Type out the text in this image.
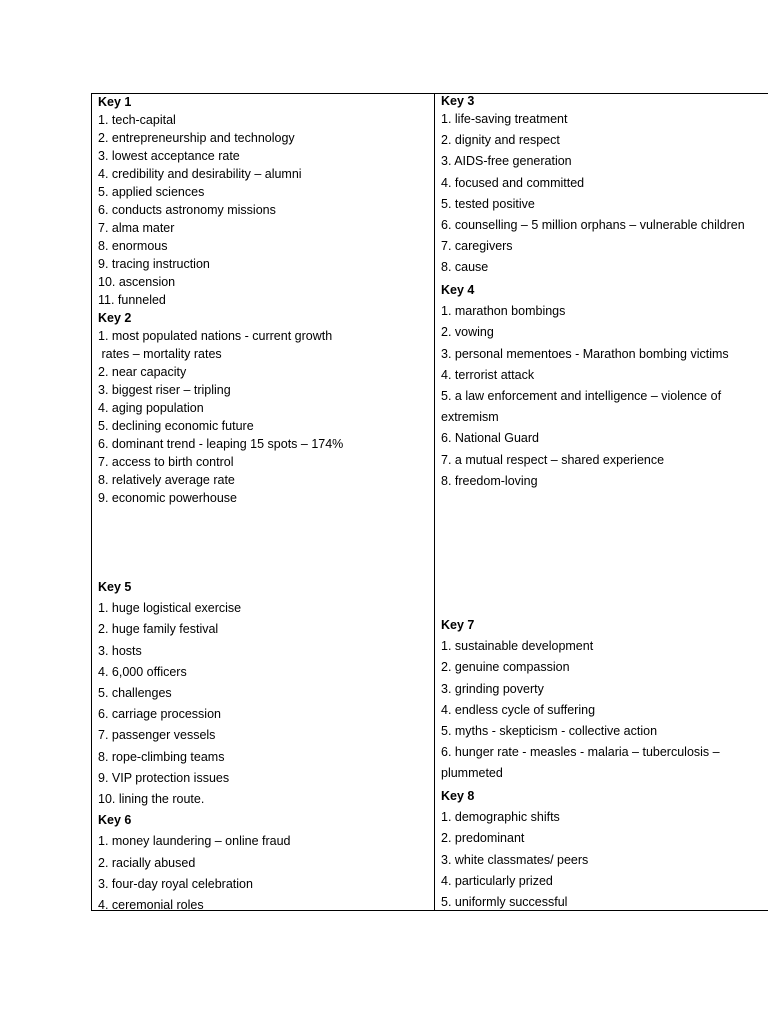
Key 1
1. tech-capital
2. entrepreneurship and technology
3. lowest acceptance rate
4. credibility and desirability – alumni
5. applied sciences
6. conducts astronomy missions
7. alma mater
8. enormous
9. tracing instruction
10. ascension
11. funneled
Key 2
1. most populated nations - current growth
rates – mortality rates
2. near capacity
3. biggest riser – tripling
4. aging population
5. declining economic future
6. dominant trend - leaping 15 spots – 174%
7. access to birth control
8. relatively average rate
9. economic powerhouse
Key 5
1. huge logistical exercise
2. huge family festival
3. hosts
4. 6,000 officers
5. challenges
6. carriage procession
7. passenger vessels
8. rope-climbing teams
9. VIP protection issues
10. lining the route.
Key 6
1. money laundering – online fraud
2. racially abused
3. four-day royal celebration
4. ceremonial roles
Key 3
1. life-saving treatment
2. dignity and respect
3. AIDS-free generation
4. focused and committed
5. tested positive
6. counselling – 5 million orphans – vulnerable children
7. caregivers
8. cause
Key 4
1. marathon bombings
2. vowing
3. personal mementoes - Marathon bombing victims
4. terrorist attack
5. a law enforcement and intelligence – violence of
extremism
6. National Guard
7. a mutual respect – shared experience
8. freedom-loving
Key 7
1. sustainable development
2. genuine compassion
3. grinding poverty
4. endless cycle of suffering
5. myths - skepticism - collective action
6. hunger rate - measles - malaria – tuberculosis –
plummeted
Key 8
1. demographic shifts
2. predominant
3. white classmates/ peers
4. particularly prized
5. uniformly successful
